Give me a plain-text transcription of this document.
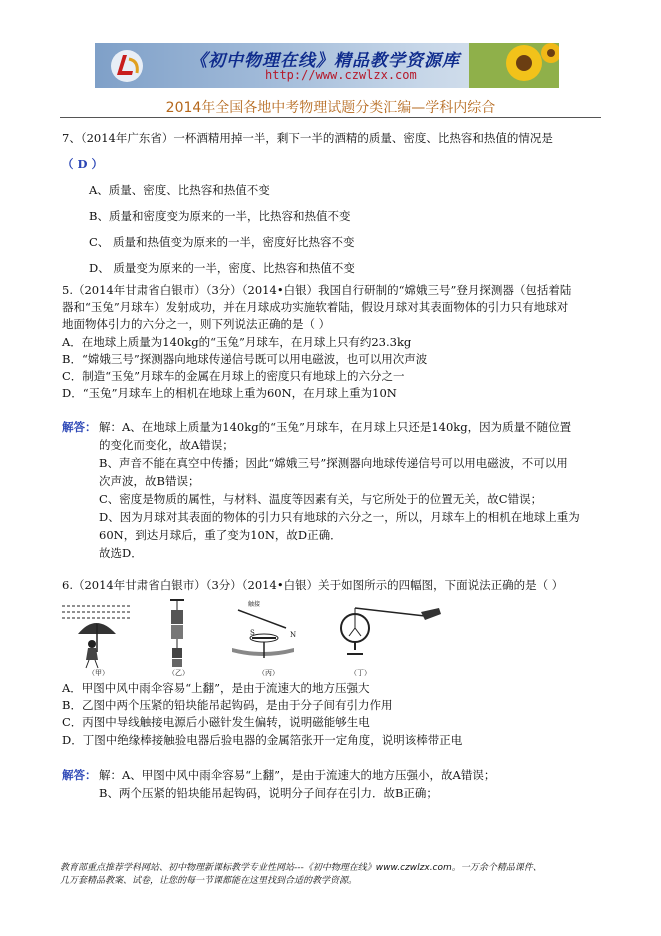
《初中物理在线》精品教学资源库
http://www.czwlzx.com
2014年全国各地中考物理试题分类汇编—学科内综合
7、（2014年广东省）一杯酒精用掉一半，剩下一半的酒精的质量、密度、比热容和热值的情况是
（ D ）
A、质量、密度、比热容和热值不变
B、质量和密度变为原来的一半，比热容和热值不变
C、 质量和热值变为原来的一半，密度好比热容不变
D、 质量变为原来的一半，密度、比热容和热值不变
5.（2014年甘肃省白银市）（3分）（2014•白银）我国自行研制的“嫦娥三号”登月探测器（包括着陆
器和“玉兔”月球车）发射成功，并在月球成功实施软着陆，假设月球对其表面物体的引力只有地球对
地面物体引力的六分之一，则下列说法正确的是（ ）
A．在地球上质量为140kg的“玉兔”月球车，在月球上只有约23.3kg
B．“嫦娥三号”探测器向地球传递信号既可以用电磁波，也可以用次声波
C．制造“玉兔”月球车的金属在月球上的密度只有地球上的六分之一
D．“玉兔”月球车上的相机在地球上重为60N，在月球上重为10N
解答： 解：A、在地球上质量为140kg的“玉兔”月球车，在月球上只还是140kg，因为质量不随位置
的变化而变化，故A错误；
B、声音不能在真空中传播；因此“嫦娥三号”探测器向地球传递信号可以用电磁波，不可以用
次声波，故B错误；
C、密度是物质的属性，与材料、温度等因素有关，与它所处于的位置无关，故C错误；
D、因为月球对其表面的物体的引力只有地球的六分之一，所以，月球车上的相机在地球上重为
60N，到达月球后，重了变为10N，故D正确．
故选D．
6.（2014年甘肃省白银市）（3分）（2014•白银）关于如图所示的四幅图，下面说法正确的是（ ）
（甲）	（乙）
触接
S	N
（丙）	（丁）
A．甲图中风中雨伞容易“上翻”，是由于流速大的地方压强大
B．乙图中两个压紧的铅块能吊起钩码，是由于分子间有引力作用
C．丙图中导线触接电源后小磁针发生偏转，说明磁能够生电
D．丁图中绝缘棒接触验电器后验电器的金属箔张开一定角度，说明该棒带正电
解答： 解：A、甲图中风中雨伞容易“上翻”，是由于流速大的地方压强小，故A错误；
B、两个压紧的铅块能吊起钩码，说明分子间存在引力．故B正确；
教育部重点推荐学科网站、初中物理新课标教学专业性网站---《初中物理在线》www.czwlzx.com。一万余个精品课件、
几万套精品教案、试卷，让您的每一节课都能在这里找到合适的教学资源。
